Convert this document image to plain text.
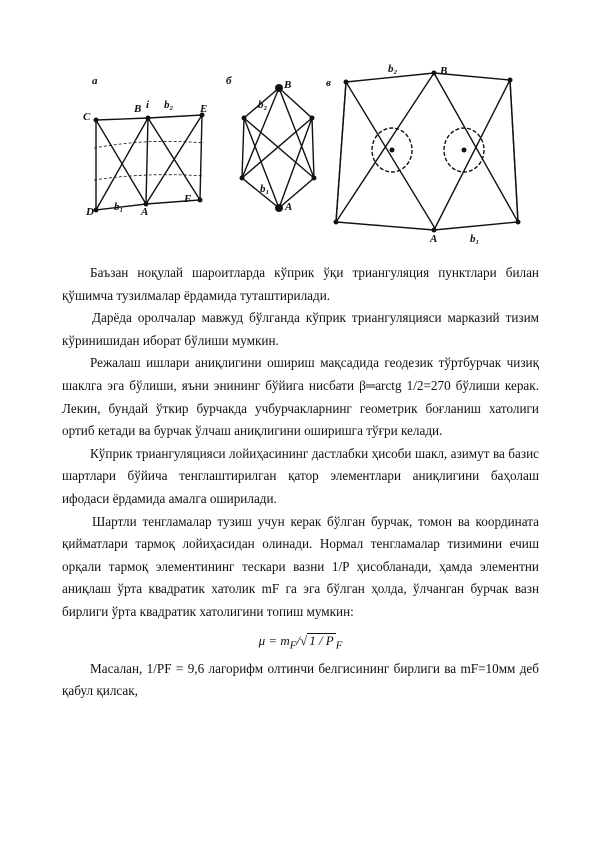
а	б	в
C
B i b₂ E
D b₁ A
F
B
b₂
b₁
A
b₂	B
A	b₁

Баъзан ноқулай шароитларда кўприк ўқи триангуляция пунктлари билан қўшимча тузилмалар ёрдамида туташтирилади.

Дарёда оролчалар мавжуд бўлганда кўприк триангуляцияси марказий тизим кўринишидан иборат бўлиши мумкин.

Режалаш ишлари аниқлигини ошириш мақсадида геодезик тўртбурчак чизиқ шаклга эга бўлиши, яъни энининг бўйига нисбати β═arctg 1/2=270 бўлиши керак. Лекин, бундай ўткир бурчакда учбурчакларнинг геометрик боғланиш хатолиги ортиб кетади ва бурчак ўлчаш аниқлигини оширишга тўғри келади.

Кўприк триангуляцияси лойиҳасининг дастлабки ҳисоби шакл, азимут ва базис шартлари бўйича тенглаштирилган қатор элементлари аниқлигини баҳолаш ифодаси ёрдамида амалга оширилади.

Шартли тенгламалар тузиш учун керак бўлган бурчак, томон ва координата қийматлари тармоқ лойиҳасидан олинади. Нормал тенгламалар тизимини ечиш орқали тармоқ элементининг тескари вазни 1/P ҳисобланади, ҳамда элементни аниқлаш ўрта квадратик хатолик mF га эга бўлган ҳолда, ўлчанган бурчак вазн бирлиги ўрта квадратик хатолигини топиш мумкин:

$\mu = m_F/√$ 1 / P $_F$

Масалан, 1/PF = 9,6 лагорифм олтинчи белгисининг бирлиги ва mF=10мм деб қабул қилсак,
